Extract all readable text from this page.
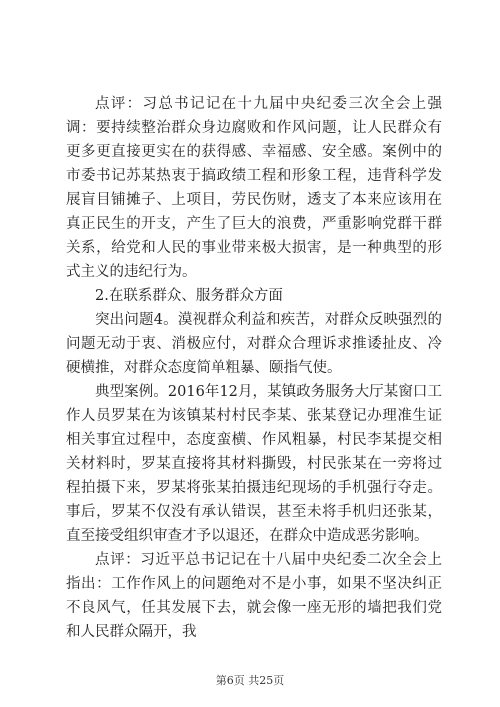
点评：习总书记记在十九届中央纪委三次全会上强调：要持续整治群众身边腐败和作风问题，让人民群众有更多更直接更实在的获得感、幸福感、安全感。案例中的市委书记苏某热衷于搞政绩工程和形象工程，违背科学发展盲目铺摊子、上项目，劳民伤财，透支了本来应该用在真正民生的开支，产生了巨大的浪费，严重影响党群干群关系，给党和人民的事业带来极大损害，是一种典型的形式主义的违纪行为。

2.在联系群众、服务群众方面

突出问题4。漠视群众利益和疾苦，对群众反映强烈的问题无动于衷、消极应付，对群众合理诉求推诿扯皮、冷硬横推，对群众态度简单粗暴、颐指气使。

典型案例。2016年12月，某镇政务服务大厅某窗口工作人员罗某在为该镇某村村民李某、张某登记办理准生证相关事宜过程中，态度蛮横、作风粗暴，村民李某提交相关材料时，罗某直接将其材料撕毁，村民张某在一旁将过程拍摄下来，罗某将张某拍摄违纪现场的手机强行夺走。事后，罗某不仅没有承认错误，甚至未将手机归还张某，直至接受组织审查才予以退还，在群众中造成恶劣影响。

点评：习近平总书记记在十八届中央纪委二次全会上指出：工作作风上的问题绝对不是小事，如果不坚决纠正不良风气，任其发展下去，就会像一座无形的墙把我们党和人民群众隔开，我

第6页 共25页
